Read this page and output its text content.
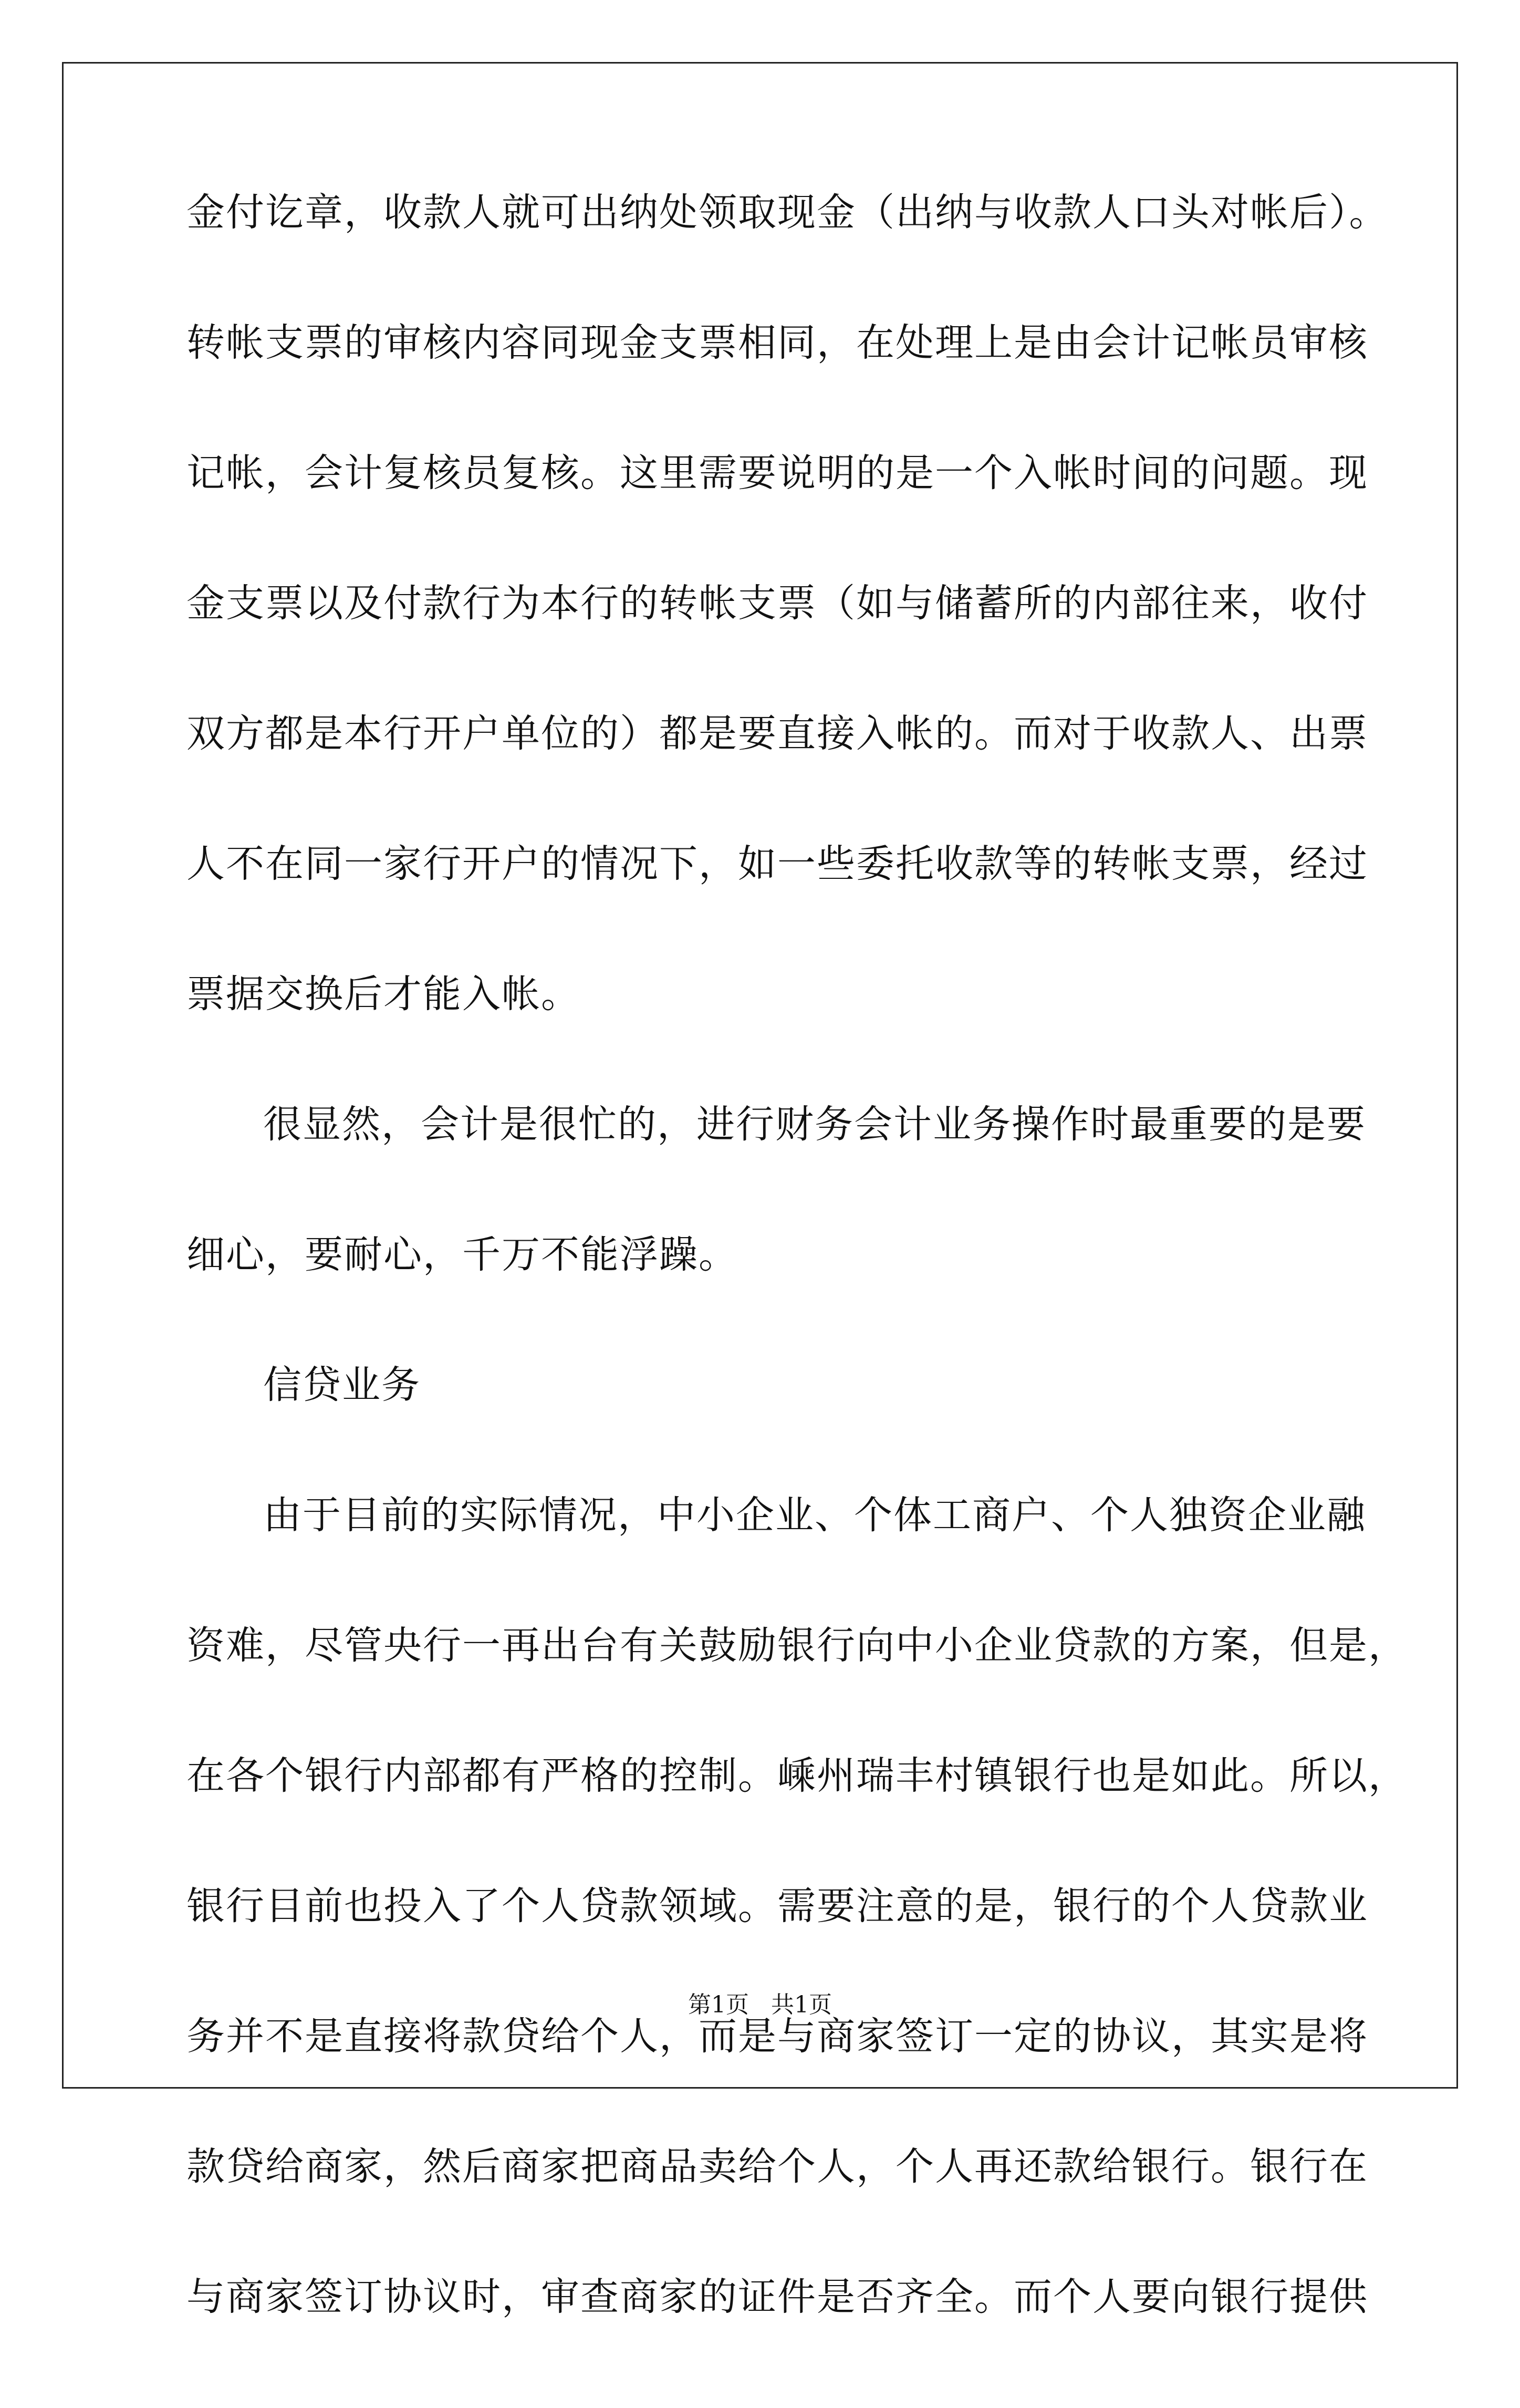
金付讫章，收款人就可出纳处领取现金（出纳与收款人口头对帐后）。
转帐支票的审核内容同现金支票相同，在处理上是由会计记帐员审核
记帐，会计复核员复核。这里需要说明的是一个入帐时间的问题。现
金支票以及付款行为本行的转帐支票（如与储蓄所的内部往来，收付
双方都是本行开户单位的）都是要直接入帐的。而对于收款人、出票
人不在同一家行开户的情况下，如一些委托收款等的转帐支票，经过
票据交换后才能入帐。
很显然，会计是很忙的，进行财务会计业务操作时最重要的是要
细心，要耐心，千万不能浮躁。
信贷业务
由于目前的实际情况，中小企业、个体工商户、个人独资企业融
资难，尽管央行一再出台有关鼓励银行向中小企业贷款的方案，但是，
在各个银行内部都有严格的控制。嵊州瑞丰村镇银行也是如此。所以，
银行目前也投入了个人贷款领域。需要注意的是，银行的个人贷款业
务并不是直接将款贷给个人，而是与商家签订一定的协议，其实是将
款贷给商家，然后商家把商品卖给个人，个人再还款给银行。银行在
与商家签订协议时，审查商家的证件是否齐全。而个人要向银行提供
第1页 共1页
